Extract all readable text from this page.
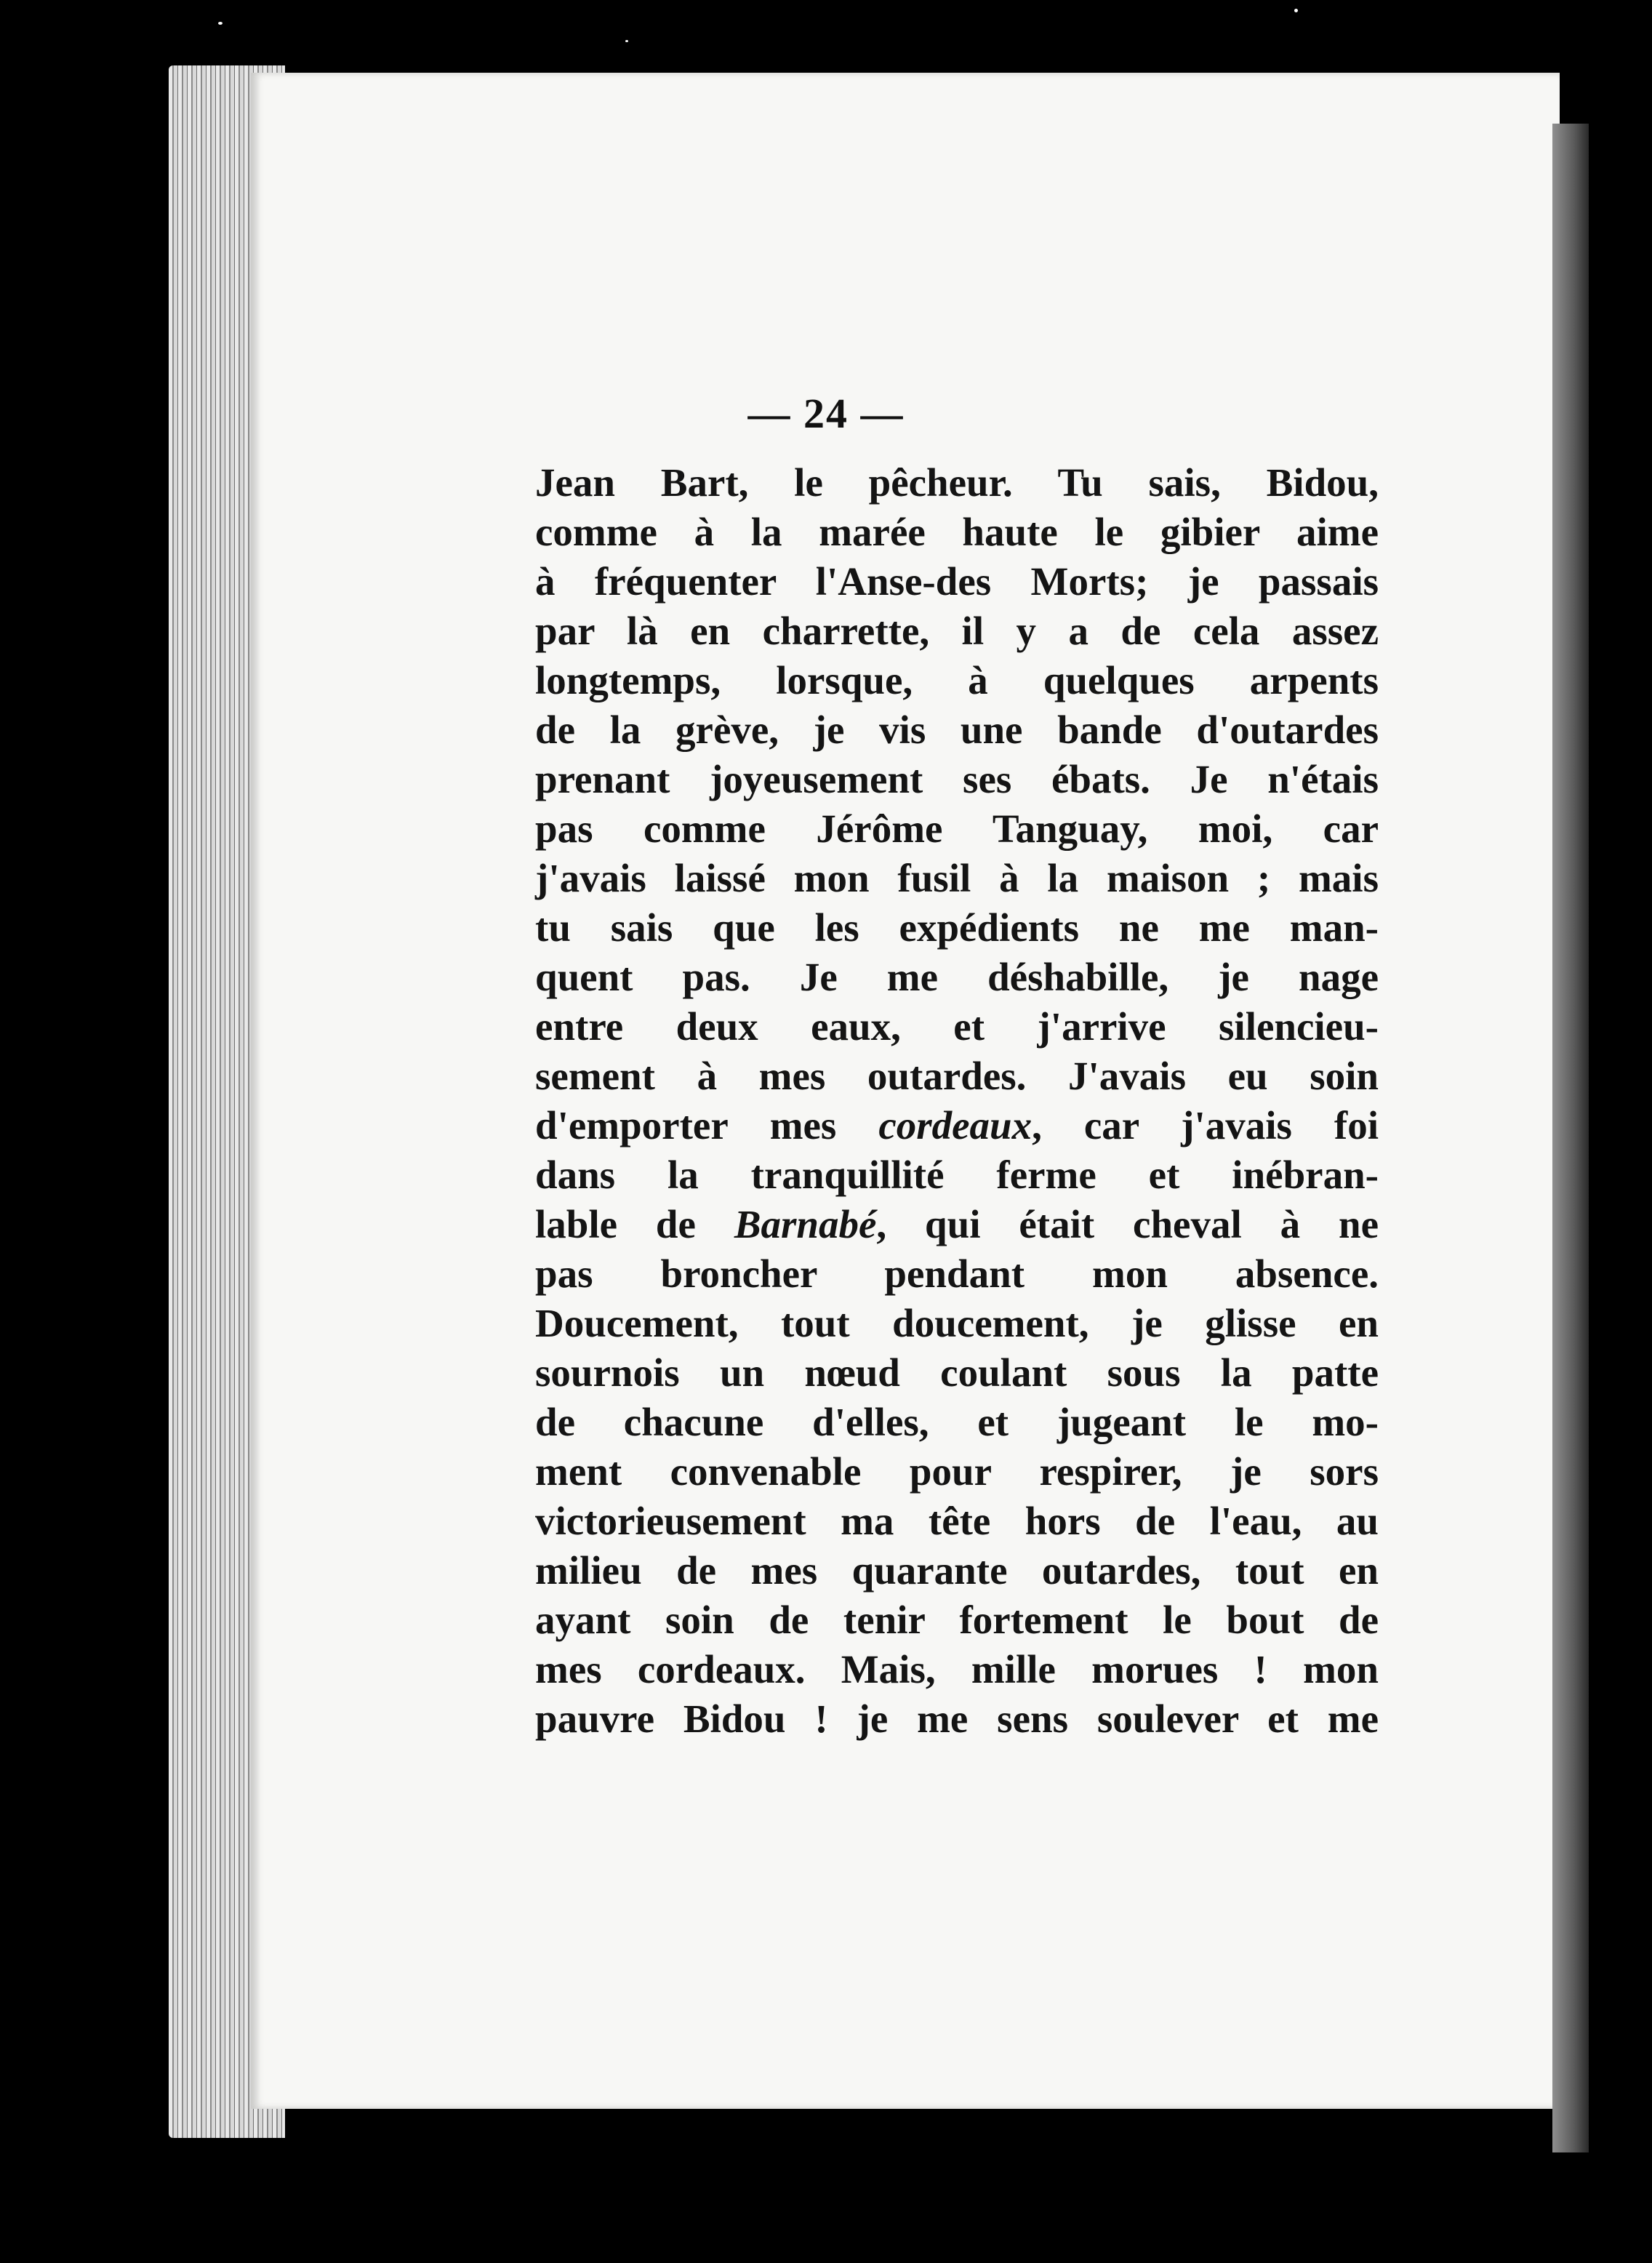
— 24 —
Jean Bart, le pêcheur. Tu sais, Bidou,
comme à la marée haute le gibier aime
à fréquenter l'Anse-des Morts; je passais
par là en charrette, il y a de cela assez
longtemps, lorsque, à quelques arpents
de la grève, je vis une bande d'outardes
prenant joyeusement ses ébats. Je n'étais
pas comme Jérôme Tanguay, moi, car
j'avais laissé mon fusil à la maison ; mais
tu sais que les expédients ne me man-
quent pas. Je me déshabille, je nage
entre deux eaux, et j'arrive silencieu-
sement à mes outardes. J'avais eu soin
d'emporter mes cordeaux, car j'avais foi
dans la tranquillité ferme et inébran-
lable de Barnabé, qui était cheval à ne
pas broncher pendant mon absence.
Doucement, tout doucement, je glisse en
sournois un nœud coulant sous la patte
de chacune d'elles, et jugeant le mo-
ment convenable pour respirer, je sors
victorieusement ma tête hors de l'eau, au
milieu de mes quarante outardes, tout en
ayant soin de tenir fortement le bout de
mes cordeaux. Mais, mille morues ! mon
pauvre Bidou ! je me sens soulever et me
